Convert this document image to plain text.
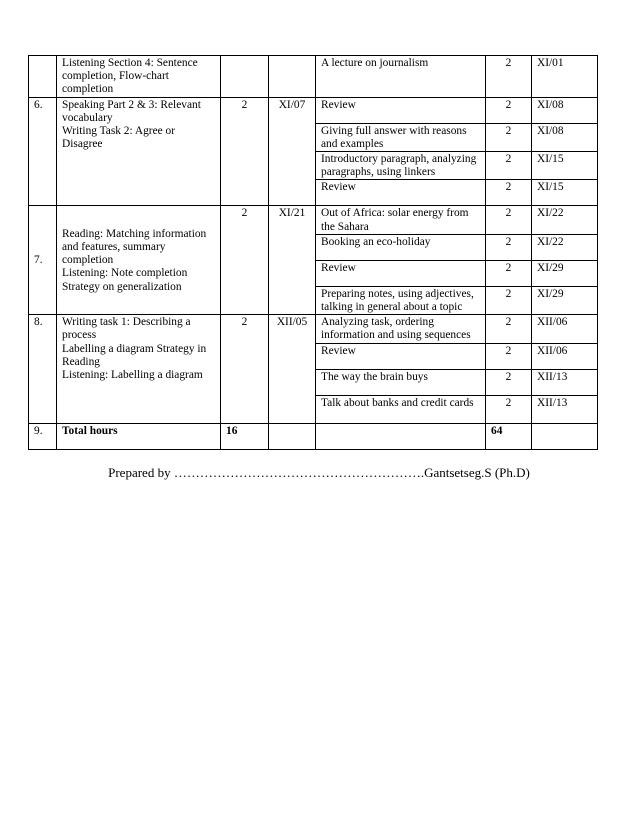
	Listening Section 4: Sentence completion, Flow-chart completion			A lecture on journalism	2	XI/01
6.	Speaking Part 2 & 3: Relevant vocabulary
Writing Task 2: Agree or Disagree	2	XI/07	Review	2	XI/08
				Giving full answer with reasons and examples	2	XI/08
				Introductory paragraph, analyzing paragraphs, using linkers	2	XI/15
				Review	2	XI/15
7.	Reading: Matching information and features, summary completion
Listening: Note completion
Strategy on generalization	2	XI/21	Out of Africa: solar energy from the Sahara	2	XI/22
				Booking an eco-holiday	2	XI/22
				Review	2	XI/29
				Preparing notes, using adjectives, talking in general about a topic	2	XI/29
8.	Writing task 1: Describing a process
Labelling a diagram Strategy in Reading
Listening: Labelling a diagram	2	XII/05	Analyzing task, ordering information and using sequences	2	XII/06
				Review	2	XII/06
				The way the brain buys	2	XII/13
				Talk about banks and credit cards	2	XII/13
9.	Total hours	16			64	
Prepared by ………………………………………………….Gantsetseg.S (Ph.D)
